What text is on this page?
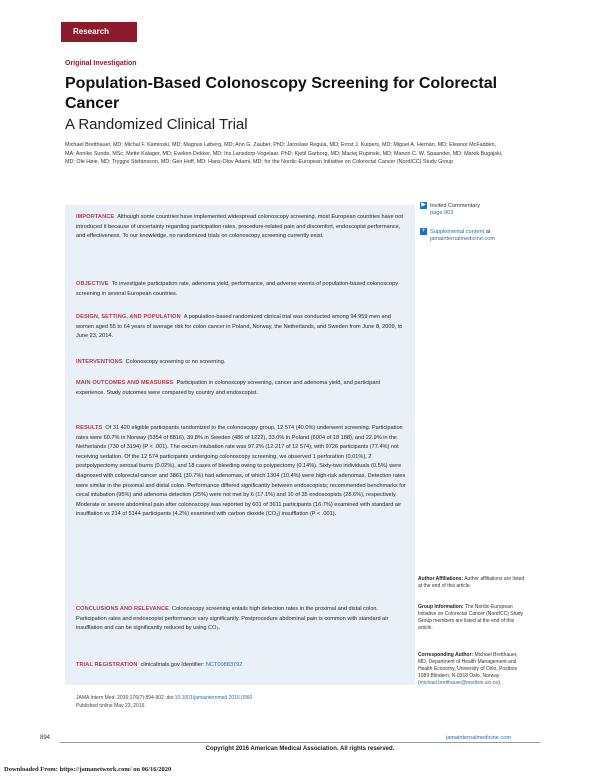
Research
Original Investigation
Population-Based Colonoscopy Screening for Colorectal Cancer
A Randomized Clinical Trial
Michael Bretthauer, MD; Michal F. Kaminski, MD; Magnus Løberg, MD; Ann G. Zauber, PhD; Jaroslaw Regula, MD; Ernst J. Kuipers, MD; Miguel A. Hernán, MD; Eleanor McFadden, MA; Annike Sunde, MSc; Mette Kalager, MD; Evelien Dekker, MD; Iris Lansdorp-Vogelaar, PhD; Kjetil Garborg, MD; Maciej Rupinski, MD; Manon C. W. Spaander, MD; Marek Bugajski, MD; Ole Høie, MD; Tryggvi Stefansson, MD; Geir Hoff, MD; Hans-Olov Adami, MD; for the Nordic-European Initiative on Colorectal Cancer (NordICC) Study Group
IMPORTANCE Although some countries have implemented widespread colonoscopy screening, most European countries have not introduced it because of uncertainty regarding participation rates, procedure-related pain and discomfort, endoscopist performance, and effectiveness. To our knowledge, no randomized trials on colonoscopy screening currently exist.
OBJECTIVE To investigate participation rate, adenoma yield, performance, and adverse events of population-based colonoscopy screening in several European countries.
DESIGN, SETTING, AND POPULATION A population-based randomized clinical trial was conducted among 94 959 men and women aged 55 to 64 years of average risk for colon cancer in Poland, Norway, the Netherlands, and Sweden from June 8, 2009, to June 23, 2014.
INTERVENTIONS Colonoscopy screening or no screening.
MAIN OUTCOMES AND MEASURES Participation in colonoscopy screening, cancer and adenoma yield, and participant experience. Study outcomes were compared by country and endoscopist.
RESULTS Of 31 420 eligible participants randomized to the colonoscopy group, 12 574 (40.0%) underwent screening. Participation rates were 60.7% in Norway (5354 of 8816), 39.8% in Sweden (486 of 1222), 33.0% in Poland (6004 of 18 188), and 22.9% in the Netherlands (730 of 3194) (P < .001). The cecum intubation rate was 97.2% (12 217 of 12 574), with 9726 participants (77.4%) not receiving sedation. Of the 12 574 participants undergoing colonoscopy screening, we observed 1 perforation (0.01%), 2 postpolypectomy serosal burns (0.02%), and 18 cases of bleeding owing to polypectomy (0.14%). Sixty-two individuals (0.5%) were diagnosed with colorectal cancer and 3861 (30.7%) had adenomas, of which 1304 (10.4%) were high-risk adenomas. Detection rates were similar in the proximal and distal colon. Performance differed significantly between endoscopists; recommended benchmarks for cecal intubation (95%) and adenoma detection (25%) were not met by 6 (17.1%) and 10 of 35 endoscopists (28.6%), respectively. Moderate or severe abdominal pain after colonoscopy was reported by 601 of 3611 participants (16.7%) examined with standard air insufflation vs 214 of 5144 participants (4.2%) examined with carbon dioxide (CO₂) insufflation (P < .001).
CONCLUSIONS AND RELEVANCE Colonoscopy screening entails high detection rates in the proximal and distal colon. Participation rates and endoscopist performance vary significantly. Postprocedure abdominal pain is common with standard air insufflation and can be significantly reduced by using CO₂.
TRIAL REGISTRATION clinicaltrials.gov Identifier: NCT00883792
JAMA Intern Med. 2016;176(7):894-902. doi:10.1001/jamainternmed.2016.0960
Published online May 23, 2016.
▶ Invited Commentary
page 903
+ Supplemental content at
jamainternalmedicine.com
Author Affiliations: Author affiliations are listed at the end of this article.
Group Information: The Nordic-European Initiative on Colorectal Cancer (NordICC) Study Group members are listed at the end of this article.
Corresponding Author: Michael Bretthauer, MD, Department of Health Management and Health Economy, University of Oslo, Postbox 1089 Blindern, N-0318 Oslo, Norway (michael.bretthauer@medisin.uio.no).
894	jamainternalmedicine.com
Copyright 2016 American Medical Association. All rights reserved.
Downloaded From: https://jamanetwork.com/ on 06/16/2020
